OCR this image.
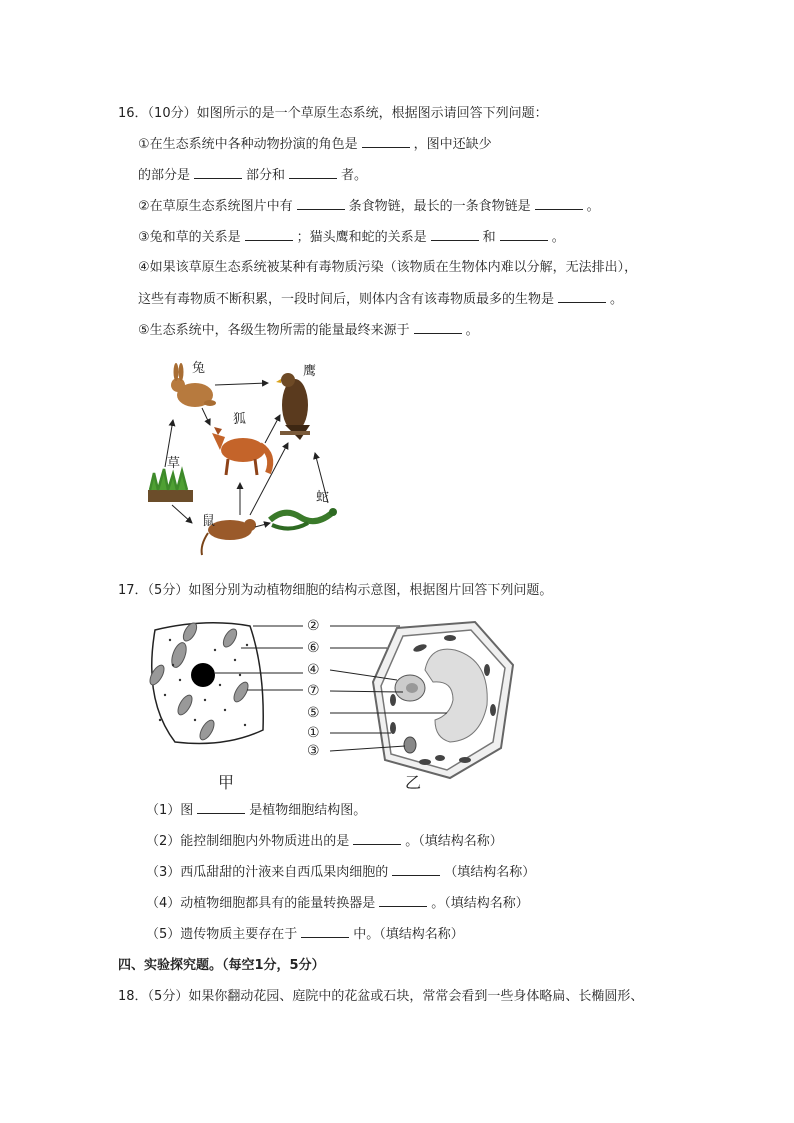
16．（10分）如图所示的是一个草原生态系统，根据图示请回答下列问题：
①在生态系统中各种动物扮演的角色是	，图中还缺少
的部分是	部分和	者。
②在草原生态系统图片中有	条食物链，最长的一条食物链是	。
③兔和草的关系是	；猫头鹰和蛇的关系是	和	。
④如果该草原生态系统被某种有毒物质污染（该物质在生物体内难以分解，无法排出），
这些有毒物质不断积累，一段时间后，则体内含有该毒物质最多的生物是	。
⑤生态系统中，各级生物所需的能量最终来源于	。
兔	鹰
狐
草
鼠
蛇
17．（5分）如图分别为动植物细胞的结构示意图，根据图片回答下列问题。
②
⑥
④
⑦
⑤
①
③
甲	乙
（1）图	是植物细胞结构图。
（2）能控制细胞内外物质进出的是	。（填结构名称）
（3）西瓜甜甜的汁液来自西瓜果肉细胞的	（填结构名称）
（4）动植物细胞都具有的能量转换器是	。（填结构名称）
（5）遗传物质主要存在于	中。（填结构名称）
四、实验探究题。（每空1分，5分）
18．（5分）如果你翻动花园、庭院中的花盆或石块，常常会看到一些身体略扁、长椭圆形、
